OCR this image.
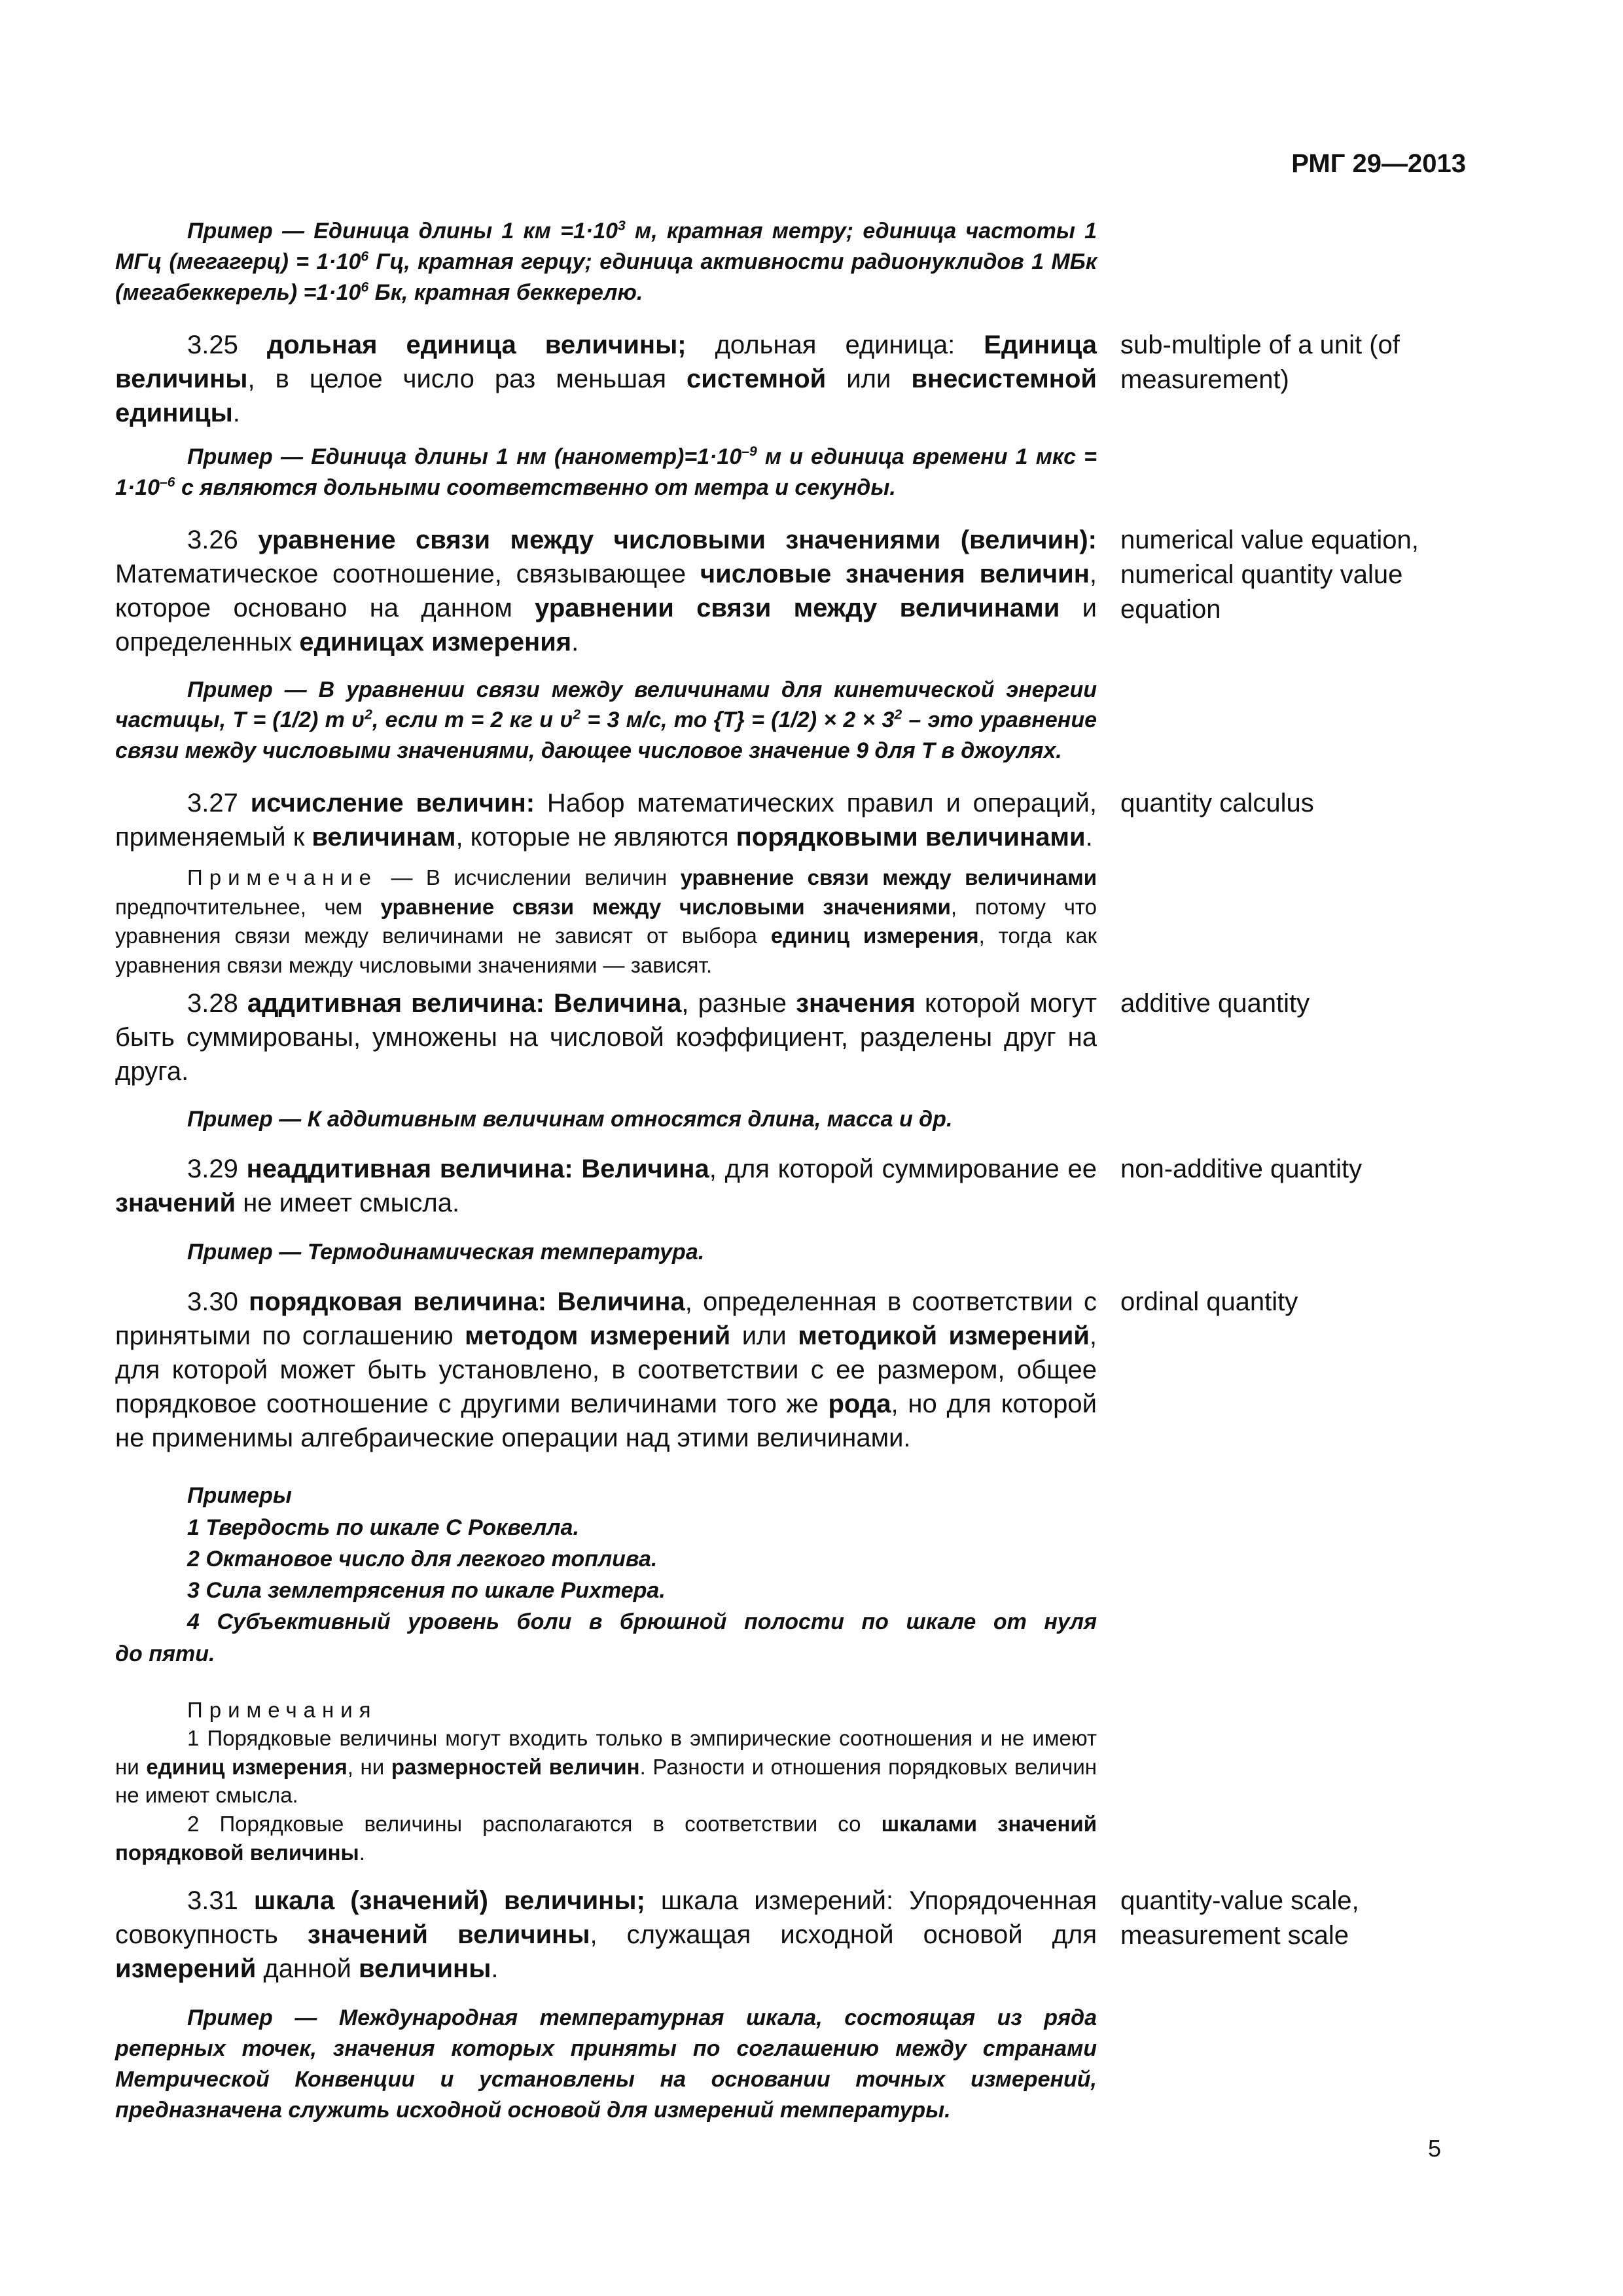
РМГ 29—2013

Пример — Единица длины 1 км $=1\cdot 10^3$ м, кратная метру; единица частоты 1 МГц (мегагерц) = $1\cdot 10^6$ Гц, кратная герцу; единица активности радионуклидов 1 МБк (мегабеккерель) $=1\cdot 10^6$ Бк, кратная беккерелю.

3.25 дольная единица величины; дольная единица: Единица величины, в целое число раз меньшая системной или внесистемной единицы.

sub-multiple of a unit (of measurement)

Пример — Единица длины 1 нм $(нанометр)=1\cdot 10^{-9}$ м и единица времени 1 мкс = $1\cdot 10^{-6}$ с являются дольными соответственно от метра и секунды.

3.26 уравнение связи между числовыми значениями (величин): Математическое соотношение, связывающее числовые значения величин, которое основано на данном уравнении связи между величинами и определенных единицах измерения.

numerical value equation, numerical quantity value equation

Пример — В уравнении связи между величинами для кинетической энергии частицы, T = (1/2) m $\upsilon^2$, если m = 2 кг и $\upsilon^2 = 3$ м/с, то $\{T\} = (1/2) \times 2 \times 3^2$ – это уравнение связи между числовыми значениями, дающее числовое значение 9 для T в джоулях.

3.27 исчисление величин: Набор математических правил и операций, применяемый к величинам, которые не являются порядковыми величинами.

quantity calculus

Примечание — В исчислении величин уравнение связи между величинами предпочтительнее, чем уравнение связи между числовыми значениями, потому что уравнения связи между величинами не зависят от выбора единиц измерения, тогда как уравнения связи между числовыми значениями — зависят.

3.28 аддитивная величина: Величина, разные значения которой могут быть суммированы, умножены на числовой коэффициент, разделены друг на друга.

additive quantity

Пример — К аддитивным величинам относятся длина, масса и др.

3.29 неаддитивная величина: Величина, для которой суммирование ее значений не имеет смысла.

non-additive quantity

Пример — Термодинамическая температура.

3.30 порядковая величина: Величина, определенная в соответствии с принятыми по соглашению методом измерений или методикой измерений, для которой может быть установлено, в соответствии с ее размером, общее порядковое соотношение с другими величинами того же рода, но для которой не применимы алгебраические операции над этими величинами.

ordinal quantity
Примеры
1 Твердость по шкале С Роквелла.
2 Октановое число для легкого топлива.
3 Сила землетрясения по шкале Рихтера.
4 Субъективный уровень боли в брюшной полости по шкале от нуля
до пяти.

Примечания

1 Порядковые величины могут входить только в эмпирические соотношения и не имеют ни единиц измерения, ни размерностей величин. Разности и отношения порядковых величин не имеют смысла.

2 Порядковые величины располагаются в соответствии со шкалами значений порядковой величины.

3.31 шкала (значений) величины; шкала измерений: Упорядоченная совокупность значений величины, служащая исходной основой для измерений данной величины.

quantity-value scale, measurement scale

Пример — Международная температурная шкала, состоящая из ряда реперных точек, значения которых приняты по соглашению между странами Метрической Конвенции и установлены на основании точных измерений, предназначена служить исходной основой для измерений температуры.

5
